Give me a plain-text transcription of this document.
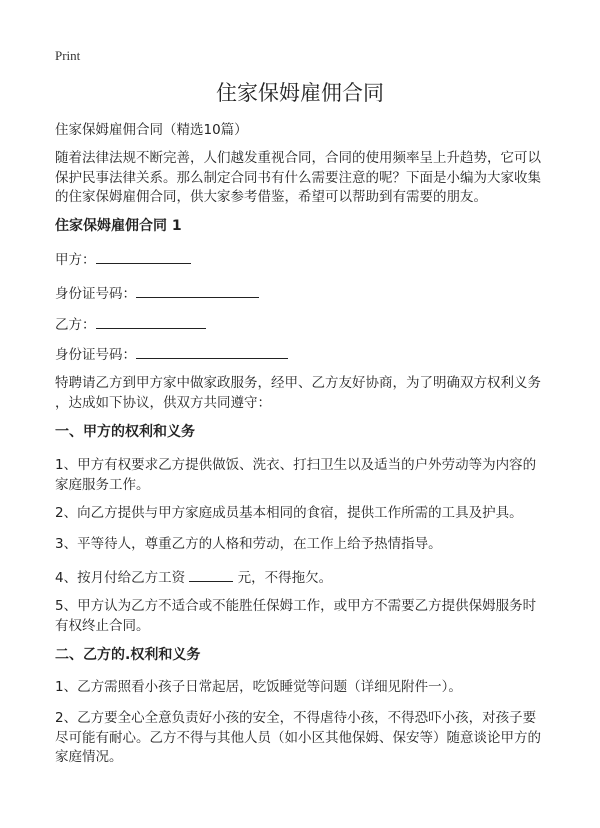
Print
住家保姆雇佣合同
住家保姆雇佣合同（精选10篇）
随着法律法规不断完善，人们越发重视合同，合同的使用频率呈上升趋势，它可以
保护民事法律关系。那么制定合同书有什么需要注意的呢？下面是小编为大家收集
的住家保姆雇佣合同，供大家参考借鉴，希望可以帮助到有需要的朋友。
住家保姆雇佣合同 1
甲方：
身份证号码：
乙方：
身份证号码：
特聘请乙方到甲方家中做家政服务，经甲、乙方友好协商，为了明确双方权利义务
，达成如下协议，供双方共同遵守：
一、甲方的权利和义务
1、甲方有权要求乙方提供做饭、洗衣、打扫卫生以及适当的户外劳动等为内容的
家庭服务工作。
2、向乙方提供与甲方家庭成员基本相同的食宿，提供工作所需的工具及护具。
3、平等待人，尊重乙方的人格和劳动，在工作上给予热情指导。
4、按月付给乙方工资	元，不得拖欠。
5、甲方认为乙方不适合或不能胜任保姆工作，或甲方不需要乙方提供保姆服务时
有权终止合同。
二、乙方的.权利和义务
1、乙方需照看小孩子日常起居，吃饭睡觉等问题（详细见附件一）。
2、乙方要全心全意负责好小孩的安全，不得虐待小孩，不得恐吓小孩，对孩子要
尽可能有耐心。乙方不得与其他人员（如小区其他保姆、保安等）随意谈论甲方的
家庭情况。
